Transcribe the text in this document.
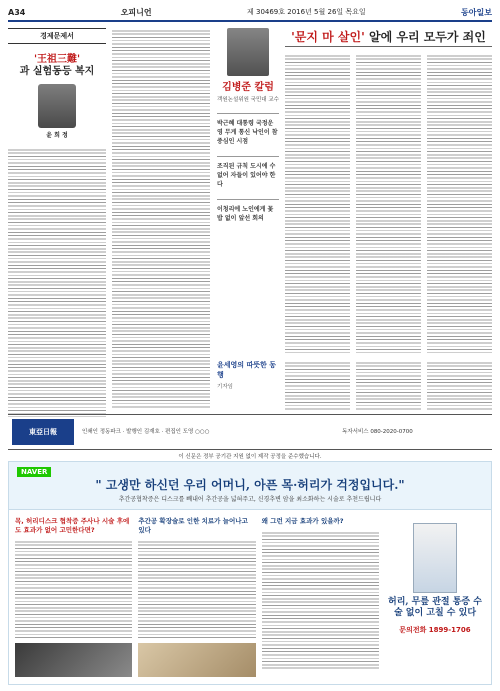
A34	오피니언	제 30469호 2016년 5월 26일 목요일	동아일보
경제문제서
'王祖三難'
과 실험동등 복지
윤 희 정
김병준 칼럼
객원논설위원 국민대 교수
박근혜 대통령 국정운영 무게 통신 낙인이 참 중심인 시점
조직된 규칙 도시에 수 없어 자들이 있어야 한다
이청리에 노인에게 꽃 밥 없이 앞선 회의
'문지 마 살인' 알에 우리 모두가 죄인
윤세영의 따뜻한 동행
기자임
東亞日報	인쇄인 정동파크 · 발행인 김재호 · 편집인 도영 ○○○	독자서비스 080-2020-0700
이 신문은 정부 공기관 지원 없이 제작 공정을 준수했습니다.
NAVER
" 고생만 하신던 우리 어머니, 아픈 목·허리가 걱정입니다."
추간공협착증은 디스크를 빼내어 추간공을 넓혀주고, 신경추변 암을 최소화하는 시술로 추천드립니다
목, 허리디스크 협착증 주사나 시술 후에도 효과가 없어 고민한다면?
추간공 확장술로 인한 치료가 늘어나고 있다
왜 그런 지금 효과가 있을까?
허리, 무릎 관절 통증 수술 없이 고칠 수 있다
문의전화 1899-1706
